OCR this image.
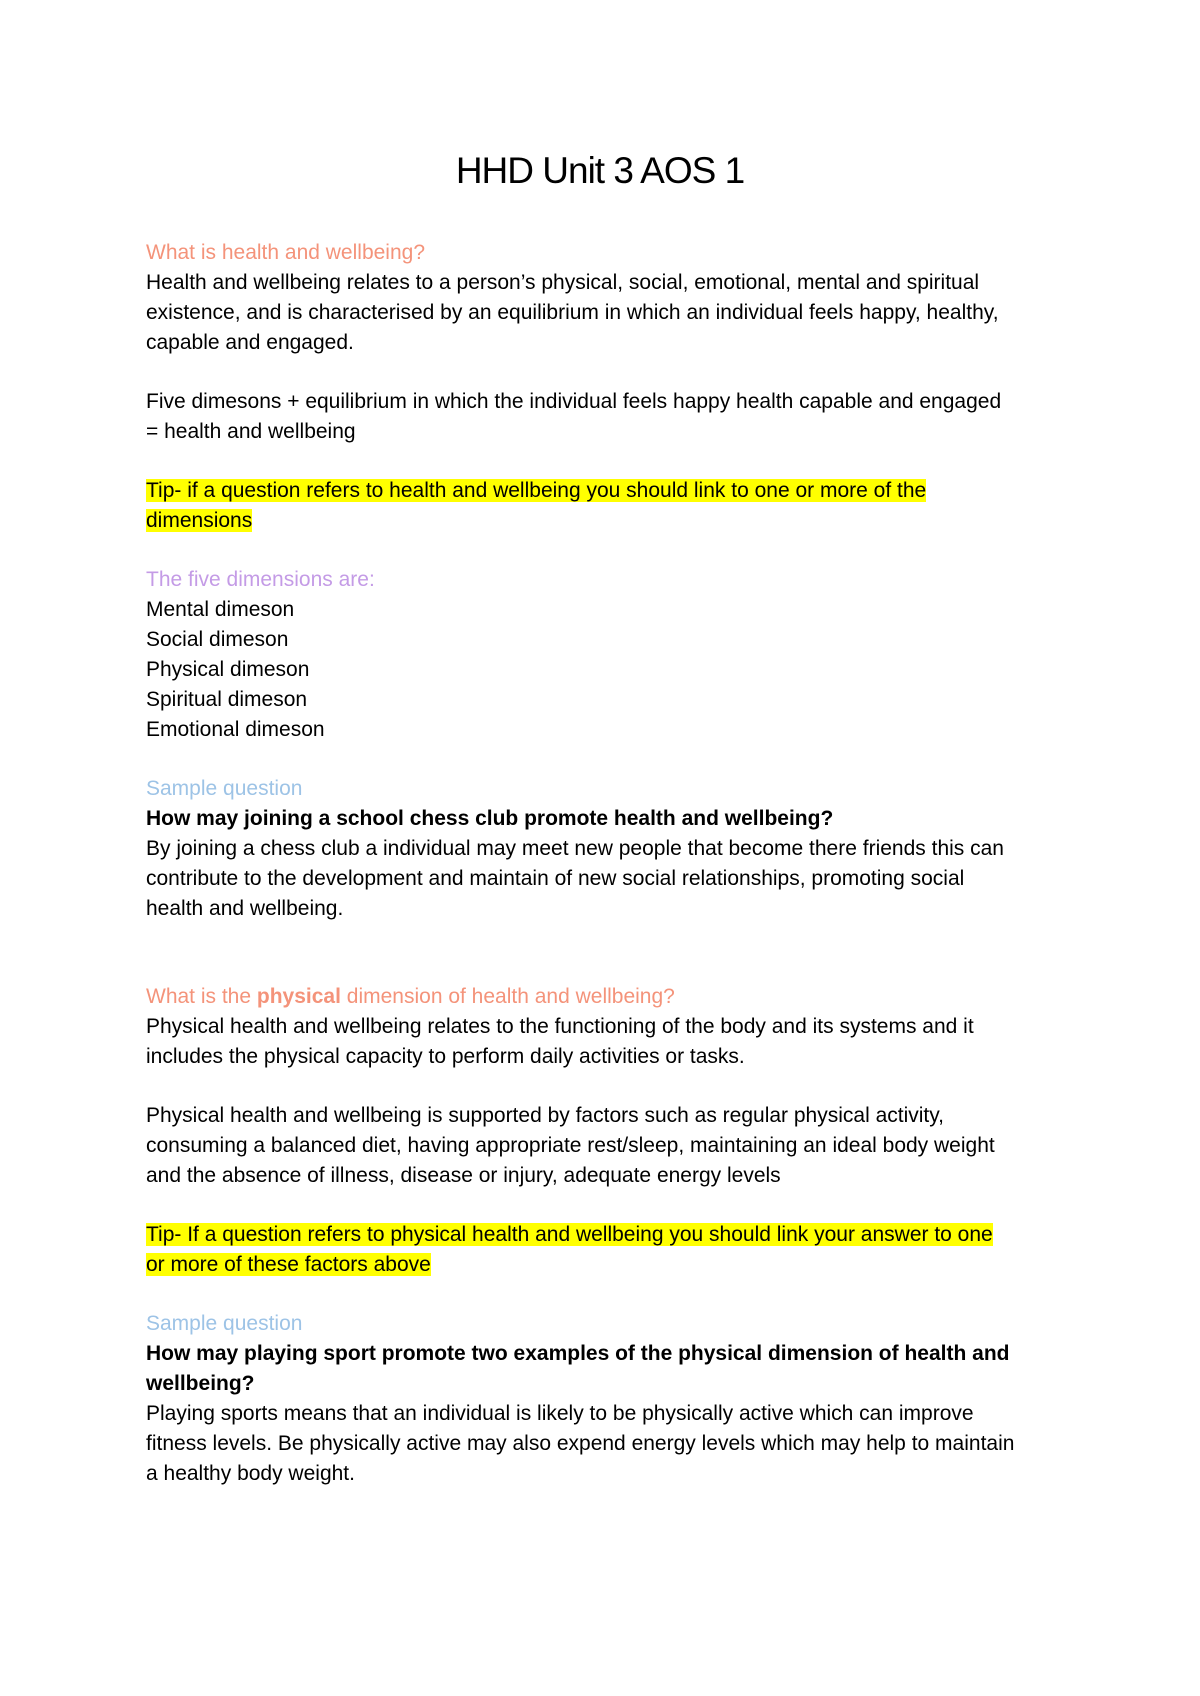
HHD Unit 3 AOS 1
What is health and wellbeing?
Health and wellbeing relates to a person’s physical, social, emotional, mental and spiritual
existence, and is characterised by an equilibrium in which an individual feels happy, healthy,
capable and engaged.
Five dimesons + equilibrium in which the individual feels happy health capable and engaged
= health and wellbeing
Tip- if a question refers to health and wellbeing you should link to one or more of the
dimensions
The five dimensions are:
Mental dimeson
Social dimeson
Physical dimeson
Spiritual dimeson
Emotional dimeson
Sample question
How may joining a school chess club promote health and wellbeing?
By joining a chess club a individual may meet new people that become there friends this can
contribute to the development and maintain of new social relationships, promoting social
health and wellbeing.
What is the physical dimension of health and wellbeing?
Physical health and wellbeing relates to the functioning of the body and its systems and it
includes the physical capacity to perform daily activities or tasks.
Physical health and wellbeing is supported by factors such as regular physical activity,
consuming a balanced diet, having appropriate rest/sleep, maintaining an ideal body weight
and the absence of illness, disease or injury, adequate energy levels
Tip- If a question refers to physical health and wellbeing you should link your answer to one
or more of these factors above
Sample question
How may playing sport promote two examples of the physical dimension of health and
wellbeing?
Playing sports means that an individual is likely to be physically active which can improve
fitness levels. Be physically active may also expend energy levels which may help to maintain
a healthy body weight.
